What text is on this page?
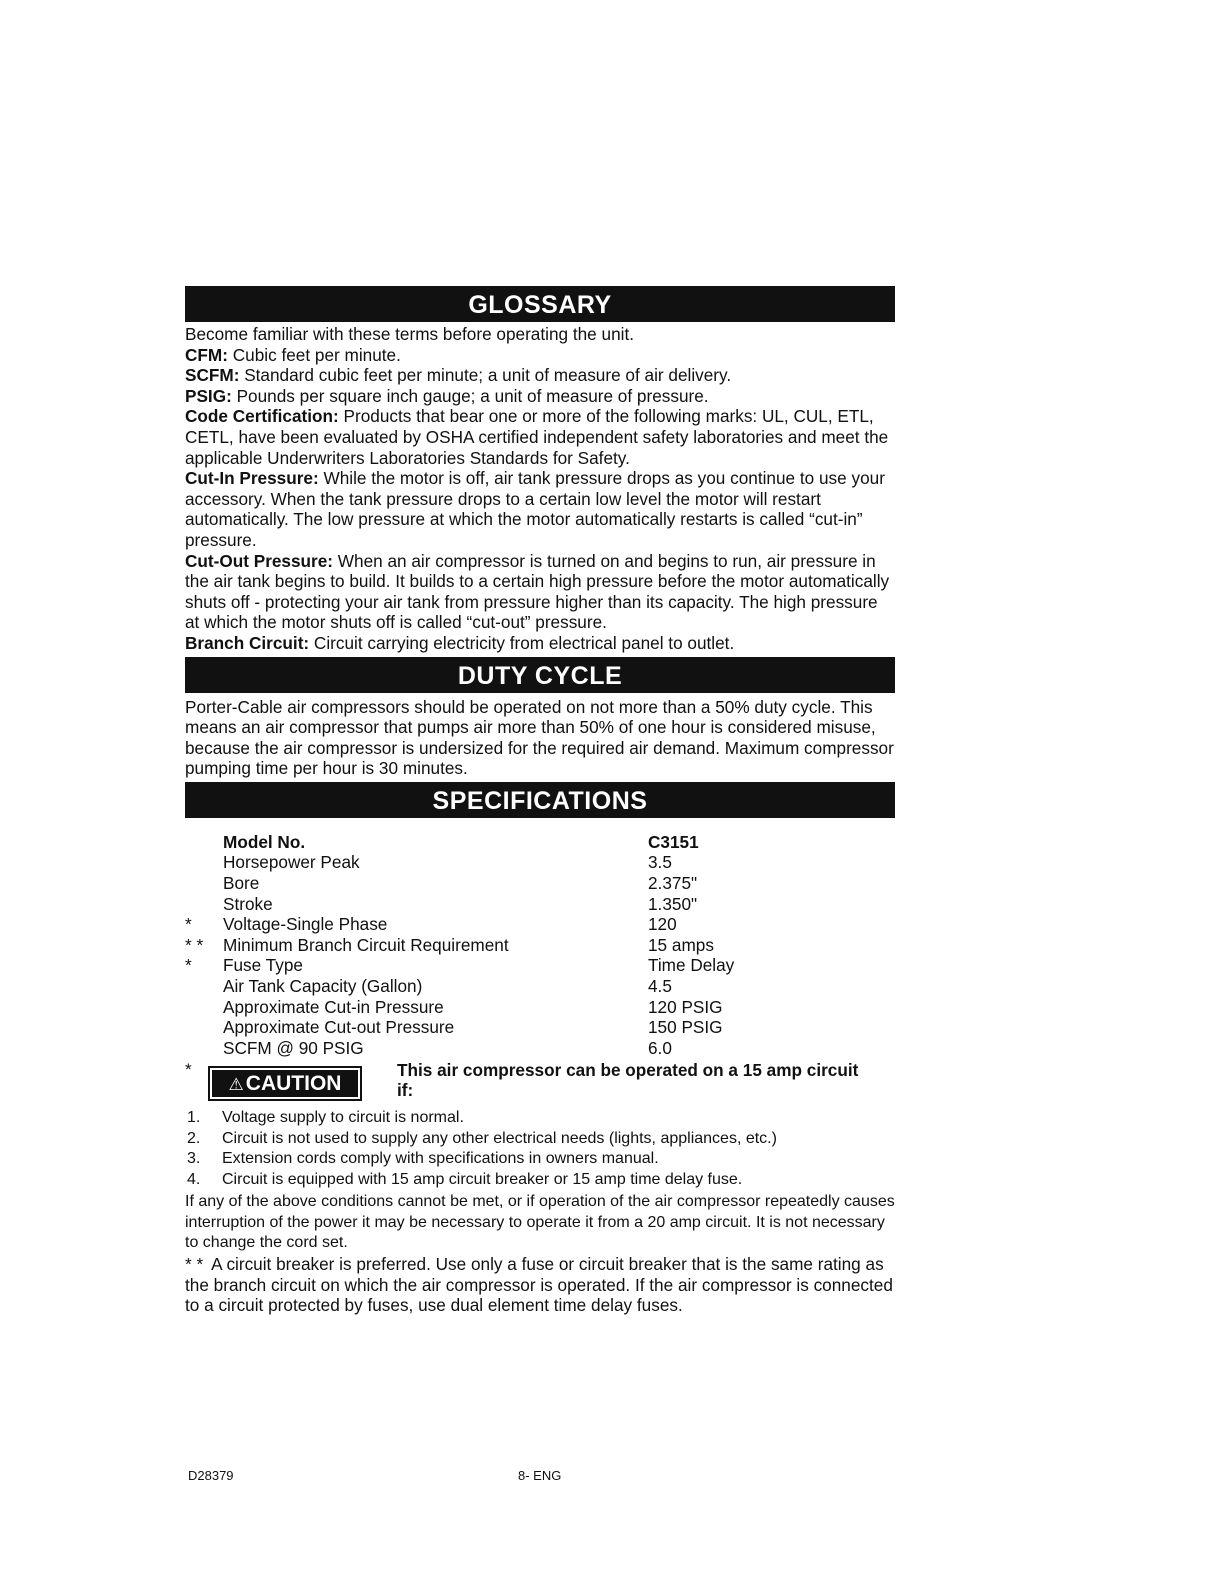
GLOSSARY

Become familiar with these terms before operating the unit.

CFM: Cubic feet per minute.

SCFM: Standard cubic feet per minute; a unit of measure of air delivery.

PSIG: Pounds per square inch gauge; a unit of measure of pressure.

Code Certification: Products that bear one or more of the following marks: UL, CUL, ETL, CETL, have been evaluated by OSHA certified independent safety laboratories and meet the applicable Underwriters Laboratories Standards for Safety.

Cut-In Pressure: While the motor is off, air tank pressure drops as you continue to use your accessory. When the tank pressure drops to a certain low level the motor will restart automatically. The low pressure at which the motor automatically restarts is called “cut-in” pressure.

Cut-Out Pressure: When an air compressor is turned on and begins to run, air pressure in the air tank begins to build. It builds to a certain high pressure before the motor automatically shuts off - protecting your air tank from pressure higher than its capacity. The high pressure at which the motor shuts off is called “cut-out” pressure.

Branch Circuit: Circuit carrying electricity from electrical panel to outlet.

DUTY CYCLE

Porter-Cable air compressors should be operated on not more than a 50% duty cycle. This means an air compressor that pumps air more than 50% of one hour is considered misuse, because the air compressor is undersized for the required air demand. Maximum compressor pumping time per hour is 30 minutes.

SPECIFICATIONS
Model No.	C3151
Horsepower Peak	3.5
Bore	2.375"
Stroke	1.350"
* Voltage-Single Phase	120
* * Minimum Branch Circuit Requirement	15 amps
* Fuse Type	Time Delay
Air Tank Capacity (Gallon)	4.5
Approximate Cut-in Pressure	120 PSIG
Approximate Cut-out Pressure	150 PSIG
SCFM @ 90 PSIG	6.0
*
⚠CAUTION
This air compressor can be operated on a 15 amp circuit if:
1. Voltage supply to circuit is normal.
2. Circuit is not used to supply any other electrical needs (lights, appliances, etc.)
3. Extension cords comply with specifications in owners manual.
4. Circuit is equipped with 15 amp circuit breaker or 15 amp time delay fuse.

If any of the above conditions cannot be met, or if operation of the air compressor repeatedly causes interruption of the power it may be necessary to operate it from a 20 amp circuit. It is not necessary to change the cord set.

* * A circuit breaker is preferred. Use only a fuse or circuit breaker that is the same rating as the branch circuit on which the air compressor is operated. If the air compressor is connected to a circuit protected by fuses, use dual element time delay fuses.

D28379	8- ENG
